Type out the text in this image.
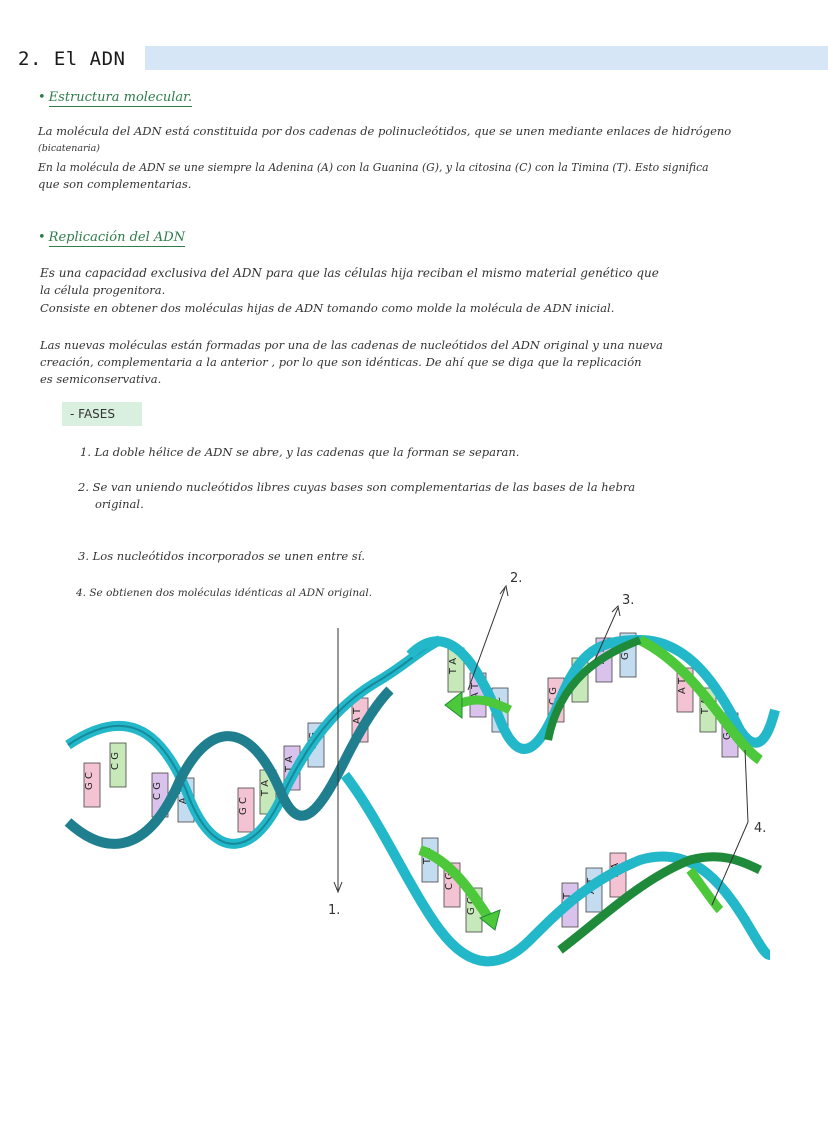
2. El ADN
• Estructura molecular.
La molécula del ADN está constituida por dos cadenas de polinucleótidos, que se unen mediante enlaces de hidrógeno
(bicatenaria)
En la molécula de ADN se une siempre la Adenina (A) con la Guanina (G), y la citosina (C) con la Timina (T). Esto significa
que son complementarias.
• Replicación del ADN
Es una capacidad exclusiva del ADN para que las células hija reciban el mismo material genético que
la célula progenitora.
Consiste en obtener dos moléculas hijas de ADN tomando como molde la molécula de ADN inicial.
Las nuevas moléculas están formadas por una de las cadenas de nucleótidos del ADN original y una nueva
creación, complementaria a la anterior , por lo que son idénticas. De ahí que se diga que la replicación
es semiconservativa.
- FASES
1. La doble hélice de ADN se abre, y las cadenas que la forman se separan.
2. Se van uniendo nucleótidos libres cuyas bases son complementarias de las bases de la hebra
original.
3. Los nucleótidos incorporados se unen entre sí.
4. Se obtienen dos moléculas idénticas al ADN original.
G C
C G
C G A T
G C
T A
T A
C G
A T
T A
A T
G C
C G
T A
A T G C
A T
T A
G C
T A
C G
G C	A T
A T
T A
1.
2.
3.
4.
